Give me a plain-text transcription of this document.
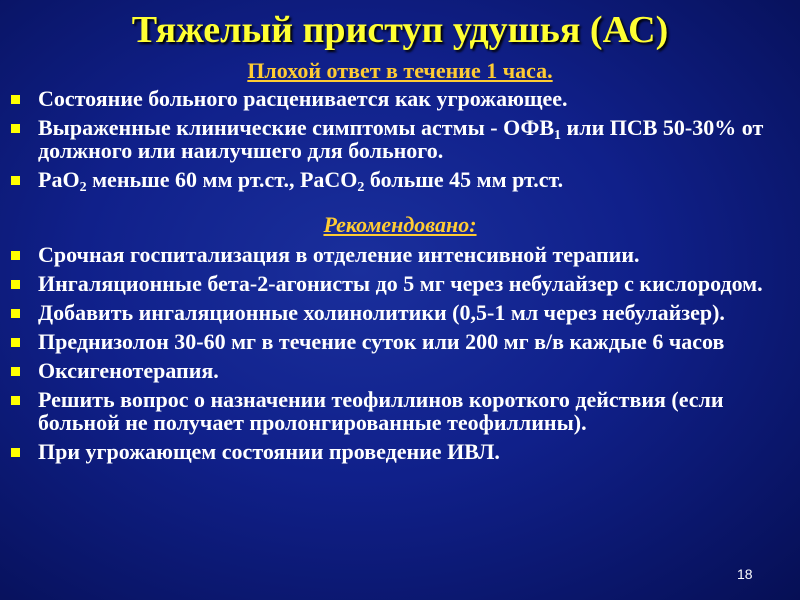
Тяжелый приступ удушья (АС)
Плохой ответ в течение 1 часа.
Состояние больного расценивается как угрожающее.
Выраженные клинические симптомы астмы - $ОФВ_1$ или ПСВ 50-30% от должного или наилучшего для больного.
РаО$_2$ меньше 60 мм рт.ст., РаСО$_2$ больше 45 мм рт.ст.
Рекомендовано:
Срочная госпитализация в отделение интенсивной терапии.
Ингаляционные бета-2-агонисты до 5 мг через небулайзер с кислородом.
Добавить ингаляционные холинолитики (0,5-1 мл через небулайзер).
Преднизолон 30-60 мг в течение суток или 200 мг в/в каждые 6 часов
Оксигенотерапия.
Решить вопрос о назначении теофиллинов короткого действия (если больной не получает пролонгированные теофиллины).
При угрожающем состоянии проведение ИВЛ.
18
